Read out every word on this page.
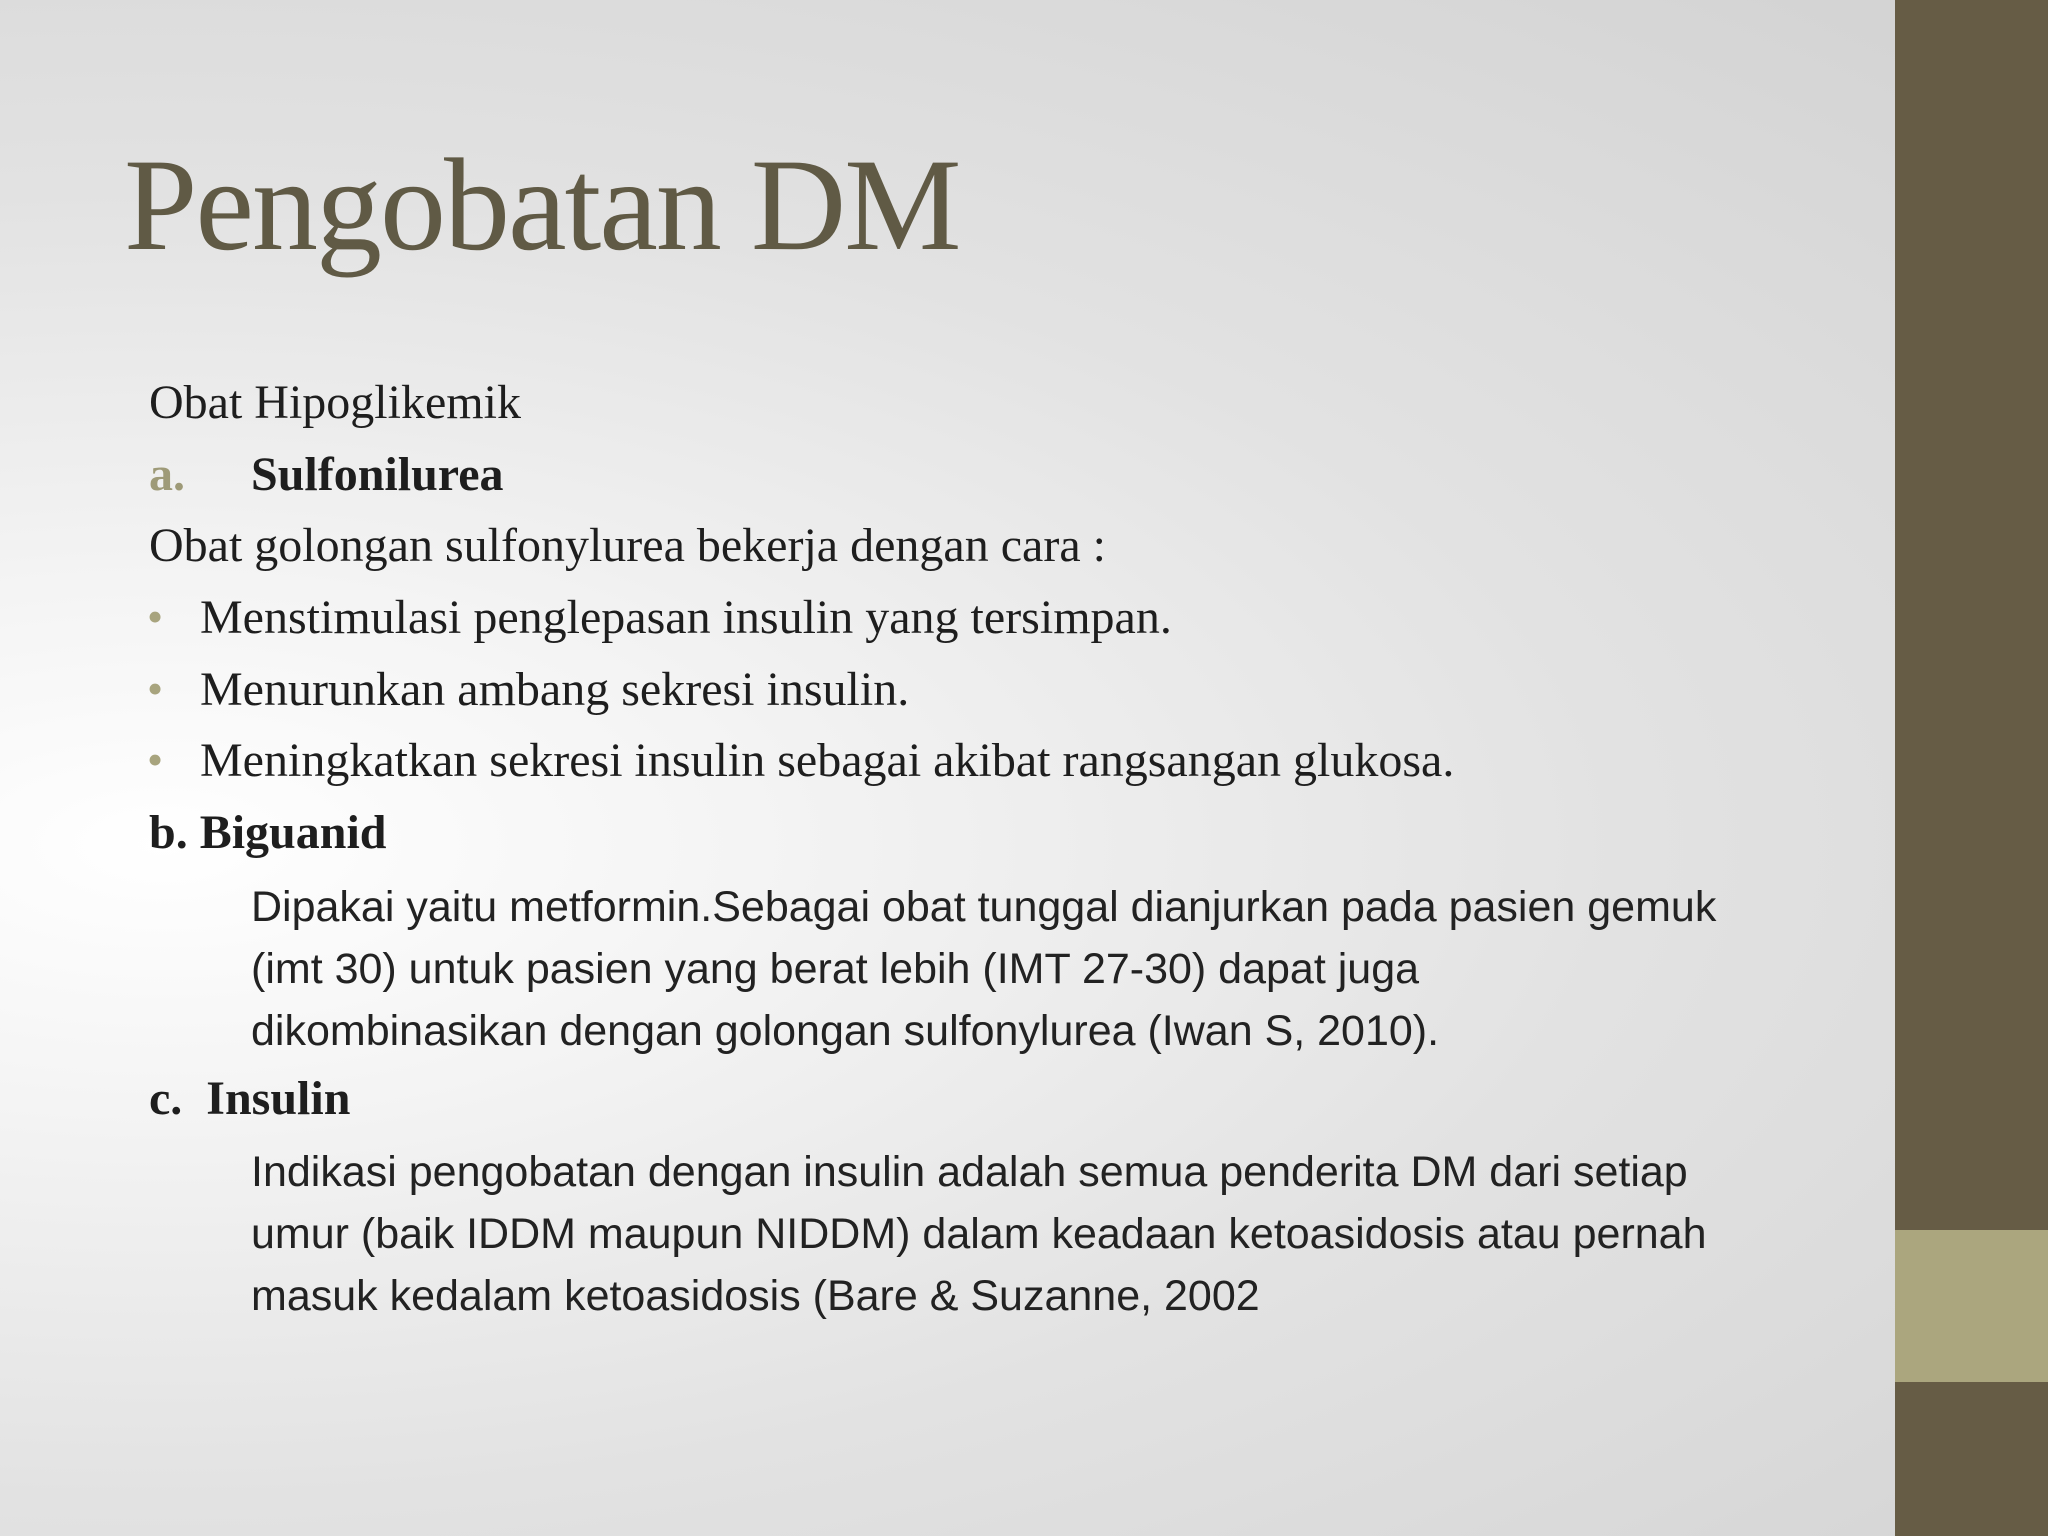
Pengobatan DM

Obat Hipoglikemik

a. Sulfonilurea

Obat golongan sulfonylurea bekerja dengan cara :

• Menstimulasi penglepasan insulin yang tersimpan.

• Menurunkan ambang sekresi insulin.

• Meningkatkan sekresi insulin sebagai akibat rangsangan glukosa.

b. Biguanid

Dipakai yaitu metformin.Sebagai obat tunggal dianjurkan pada pasien gemuk (imt 30) untuk pasien yang berat lebih (IMT 27-30) dapat juga dikombinasikan dengan golongan sulfonylurea (Iwan S, 2010).

c.  Insulin

Indikasi pengobatan dengan insulin adalah semua penderita DM dari setiap umur (baik IDDM maupun NIDDM) dalam keadaan ketoasidosis atau pernah masuk kedalam ketoasidosis (Bare & Suzanne, 2002
